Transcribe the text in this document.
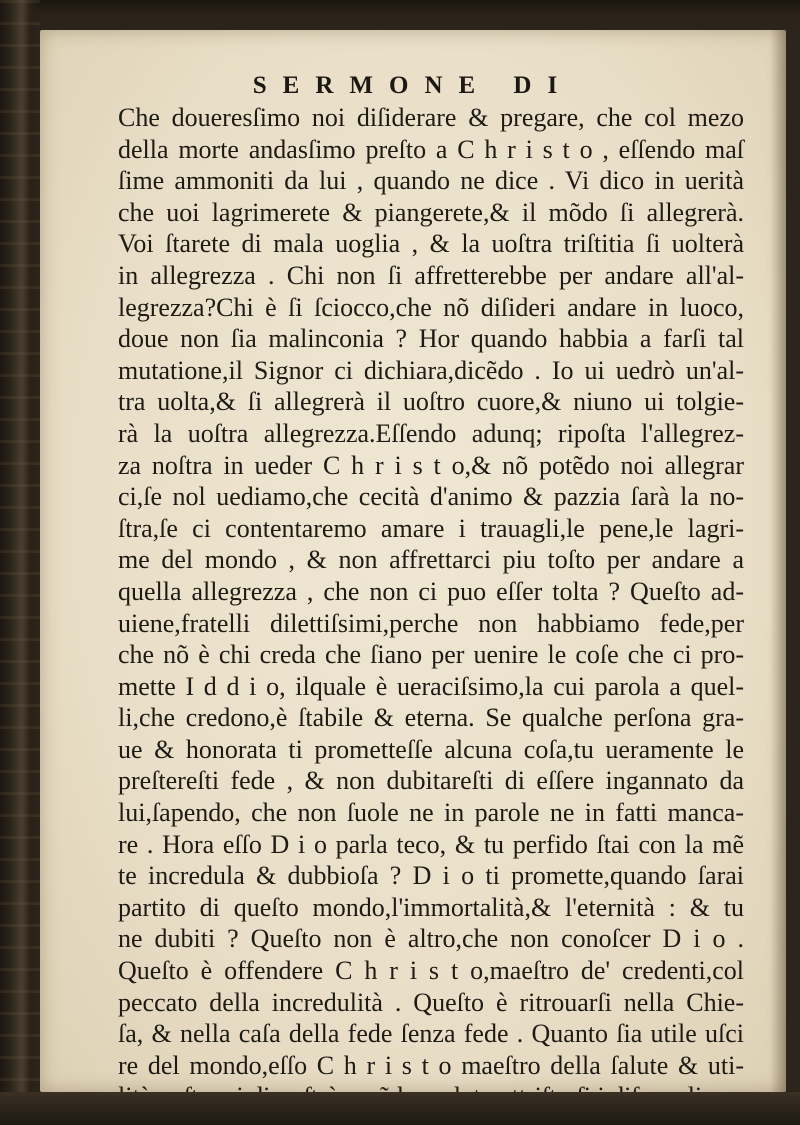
SERMONE DI
Che doueresſimo noi diſiderare & pregare, che col mezo
della morte andasſimo preſto a C h r i s t o , eſſendo maſ
ſime ammoniti da lui , quando ne dice . Vi dico in uerità
che uoi lagrimerete & piangerete,& il mõdo ſi allegrerà.
Voi ſtarete di mala uoglia , & la uoſtra triſtitia ſi uolterà
in allegrezza . Chi non ſi affretterebbe per andare all'al-
legrezza?Chi è ſi ſciocco,che nõ diſideri andare in luoco,
doue non ſia malinconia ? Hor quando habbia a farſi tal
mutatione,il Signor ci dichiara,dicẽdo . Io ui uedrò un'al-
tra uolta,& ſi allegrerà il uoſtro cuore,& niuno ui tolgie-
rà la uoſtra allegrezza.Eſſendo adunq; ripoſta l'allegrez-
za noſtra in ueder C h r i s t o,& nõ potẽdo noi allegrar
ci,ſe nol uediamo,che cecità d'animo & pazzia ſarà la no-
ſtra,ſe ci contentaremo amare i trauagli,le pene,le lagri-
me del mondo , & non affrettarci piu toſto per andare a
quella allegrezza , che non ci puo eſſer tolta ? Queſto ad-
uiene,fratelli dilettiſsimi,perche non habbiamo fede,per
che nõ è chi creda che ſiano per uenire le coſe che ci pro-
mette I d d i o, ilquale è ueraciſsimo,la cui parola a quel-
li,che credono,è ſtabile & eterna. Se qualche perſona gra-
ue & honorata ti prometteſſe alcuna coſa,tu ueramente le
preſtereſti fede , & non dubitareſti di eſſere ingannato da
lui,ſapendo, che non ſuole ne in parole ne in fatti manca-
re . Hora eſſo D i o parla teco, & tu perfido ſtai con la mẽ
te incredula & dubbioſa ? D i o ti promette,quando ſarai
partito di queſto mondo,l'immortalità,& l'eternità : & tu
ne dubiti ? Queſto non è altro,che non conoſcer D i o .
Queſto è offendere C h r i s t o,maeſtro de' credenti,col
peccato della incredulità . Queſto è ritrouarſi nella Chie-
ſa, & nella caſa della fede ſenza fede . Quanto ſia utile uſci
re del mondo,eſſo C h r i s t o maeſtro della ſalute & uti-
